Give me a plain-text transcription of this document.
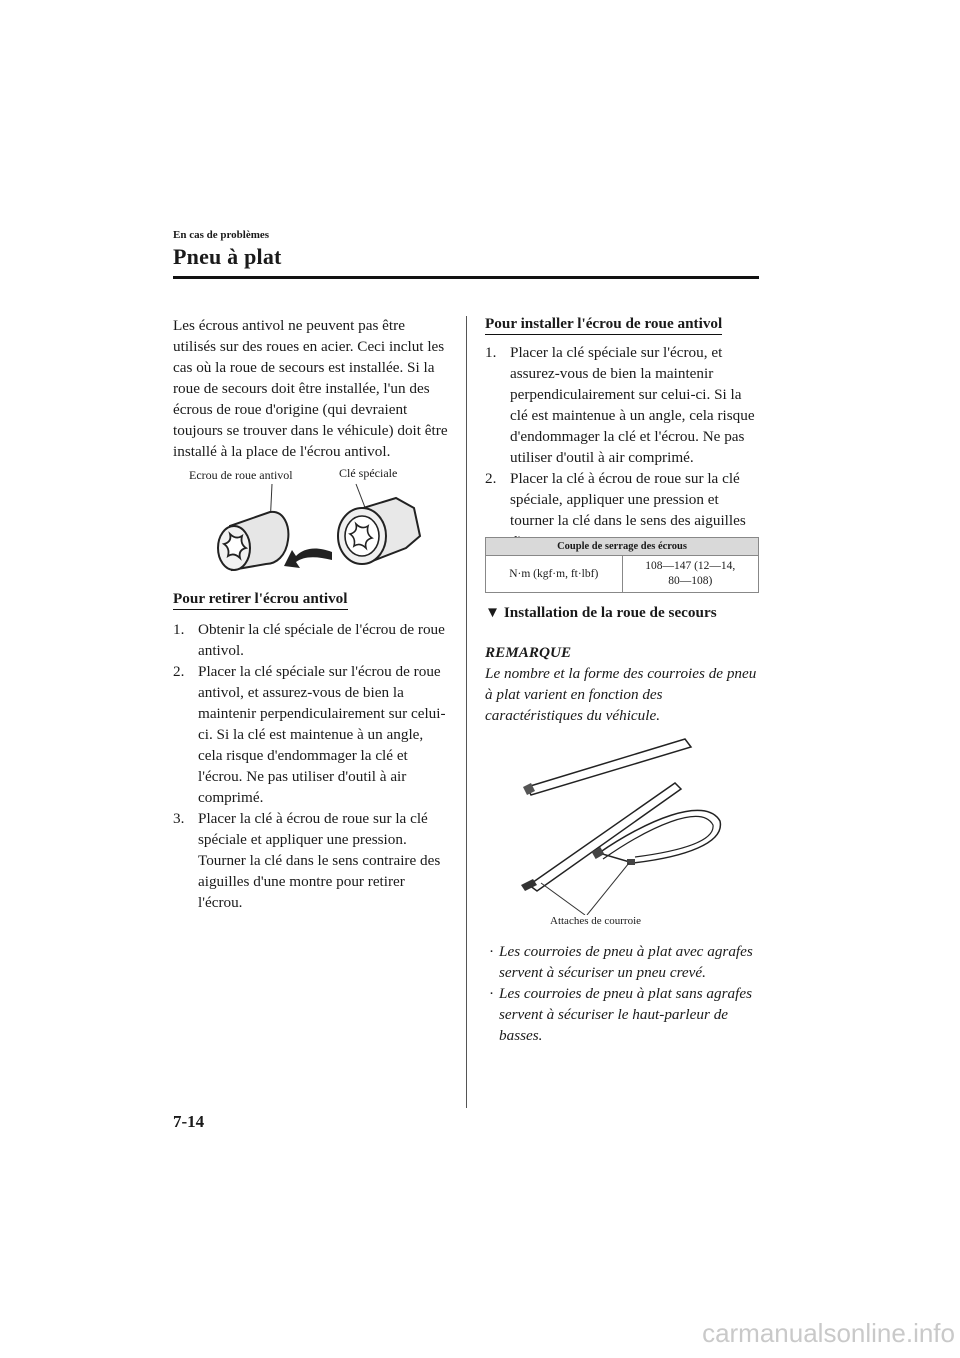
En cas de problèmes
Pneu à plat
Les écrous antivol ne peuvent pas être utilisés sur des roues en acier. Ceci inclut les cas où la roue de secours est installée. Si la roue de secours doit être installée, l'un des écrous de roue d'origine (qui devraient toujours se trouver dans le véhicule) doit être installé à la place de l'écrou antivol.
Ecrou de roue antivol	Clé spéciale
Pour retirer l'écrou antivol
1. Obtenir la clé spéciale de l'écrou de roue antivol.
2. Placer la clé spéciale sur l'écrou de roue antivol, et assurez-vous de bien la maintenir perpendiculairement sur celui-ci. Si la clé est maintenue à un angle, cela risque d'endommager la clé et l'écrou. Ne pas utiliser d'outil à air comprimé.
3. Placer la clé à écrou de roue sur la clé spéciale et appliquer une pression. Tourner la clé dans le sens contraire des aiguilles d'une montre pour retirer l'écrou.
Pour installer l'écrou de roue antivol
1. Placer la clé spéciale sur l'écrou, et assurez-vous de bien la maintenir perpendiculairement sur celui-ci. Si la clé est maintenue à un angle, cela risque d'endommager la clé et l'écrou. Ne pas utiliser d'outil à air comprimé.
2. Placer la clé à écrou de roue sur la clé spéciale, appliquer une pression et tourner la clé dans le sens des aiguilles
Couple de serrage des écrous
N·m (kgf·m, ft·lbf)	108―147 (12―14, 80―108)
▼ Installation de la roue de secours
REMARQUE
Le nombre et la forme des courroies de pneu à plat varient en fonction des caractéristiques du véhicule.
Attaches de courroie
· Les courroies de pneu à plat avec agrafes servent à sécuriser un pneu crevé.
· Les courroies de pneu à plat sans agrafes servent à sécuriser le haut-parleur de basses.
7-14
carmanualsonline.info
